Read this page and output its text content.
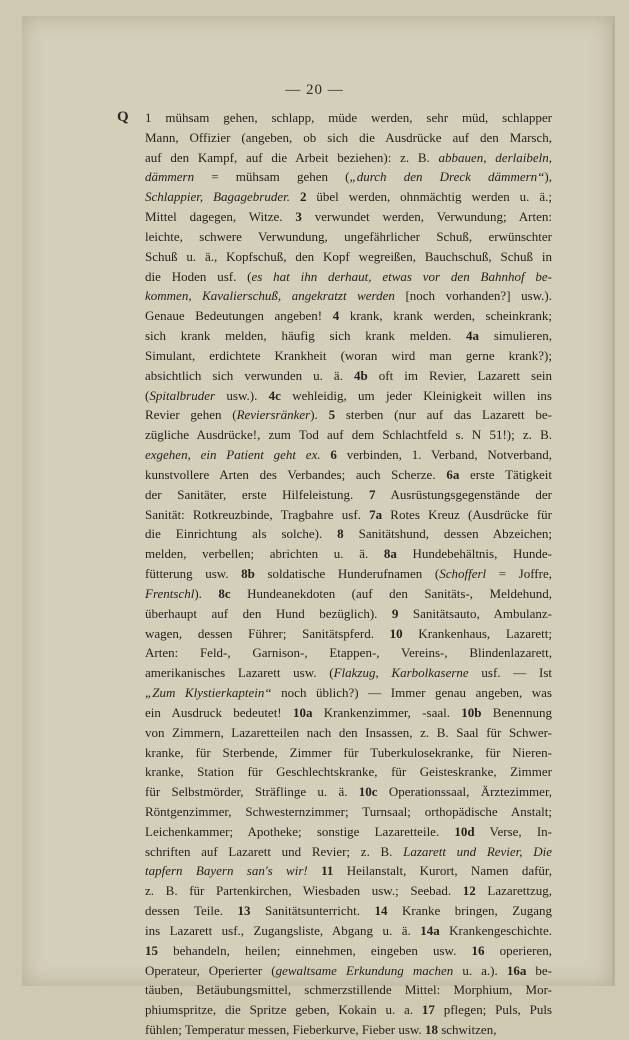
— 20 —
Q 1 mühsam gehen, schlapp, müde werden, sehr müd, schlapper
Mann, Offizier (angeben, ob sich die Ausdrücke auf den Marsch,
auf den Kampf, auf die Arbeit beziehen): z. B. abbauen, derlaibeln,
dämmern = mühsam gehen („durch den Dreck dämmern“),
Schlappier, Bagagebruder. 2 übel werden, ohnmächtig werden u. ä.;
Mittel dagegen, Witze. 3 verwundet werden, Verwundung; Arten:
leichte, schwere Verwundung, ungefährlicher Schuß, erwünschter
Schuß u. ä., Kopfschuß, den Kopf wegreißen, Bauchschuß, Schuß in
die Hoden usf. (es hat ihn derhaut, etwas vor den Bahnhof be-
kommen, Kavalierschuß, angekratzt werden [noch vorhanden?] usw.).
Genaue Bedeutungen angeben! 4 krank, krank werden, scheinkrank;
sich krank melden, häufig sich krank melden. 4a simulieren,
Simulant, erdichtete Krankheit (woran wird man gerne krank?);
absichtlich sich verwunden u. ä. 4b oft im Revier, Lazarett sein
(Spitalbruder usw.). 4c wehleidig, um jeder Kleinigkeit willen ins
Revier gehen (Reviersränker). 5 sterben (nur auf das Lazarett be-
zügliche Ausdrücke!, zum Tod auf dem Schlachtfeld s. N 51!); z. B.
exgehen, ein Patient geht ex. 6 verbinden, 1. Verband, Notverband,
kunstvollere Arten des Verbandes; auch Scherze. 6a erste Tätigkeit
der Sanitäter, erste Hilfeleistung. 7 Ausrüstungsgegenstände der
Sanität: Rotkreuzbinde, Tragbahre usf. 7a Rotes Kreuz (Ausdrücke für
die Einrichtung als solche). 8 Sanitätshund, dessen Abzeichen;
melden, verbellen; abrichten u. ä. 8a Hundebehältnis, Hunde-
fütterung usw. 8b soldatische Hunderufnamen (Schofferl = Joffre,
Frentschl). 8c Hundeanekdoten (auf den Sanitäts-, Meldehund,
überhaupt auf den Hund bezüglich). 9 Sanitätsauto, Ambulanz-
wagen, dessen Führer; Sanitätspferd. 10 Krankenhaus, Lazarett;
Arten: Feld-, Garnison-, Etappen-, Vereins-, Blindenlazarett,
amerikanisches Lazarett usw. (Flakzug, Karbolkaserne usf. — Ist
„Zum Klystierkaptein“ noch üblich?) — Immer genau angeben, was
ein Ausdruck bedeutet! 10a Krankenzimmer, -saal. 10b Benennung
von Zimmern, Lazaretteilen nach den Insassen, z. B. Saal für Schwer-
kranke, für Sterbende, Zimmer für Tuberkulosekranke, für Nieren-
kranke, Station für Geschlechtskranke, für Geisteskranke, Zimmer
für Selbstmörder, Sträflinge u. ä. 10c Operationssaal, Ärztezimmer,
Röntgenzimmer, Schwesternzimmer; Turnsaal; orthopädische Anstalt;
Leichenkammer; Apotheke; sonstige Lazaretteile. 10d Verse, In-
schriften auf Lazarett und Revier; z. B. Lazarett und Revier, Die
tapfern Bayern san's wir! 11 Heilanstalt, Kurort, Namen dafür,
z. B. für Partenkirchen, Wiesbaden usw.; Seebad. 12 Lazarettzug,
dessen Teile. 13 Sanitätsunterricht. 14 Kranke bringen, Zugang
ins Lazarett usf., Zugangsliste, Abgang u. ä. 14a Krankengeschichte.
15 behandeln, heilen; einnehmen, eingeben usw. 16 operieren,
Operateur, Operierter (gewaltsame Erkundung machen u. a.). 16a be-
täuben, Betäubungsmittel, schmerzstillende Mittel: Morphium, Mor-
phiumspritze, die Spritze geben, Kokain u. a. 17 pflegen; Puls, Puls
fühlen; Temperatur messen, Fieberkurve, Fieber usw. 18 schwitzen,
